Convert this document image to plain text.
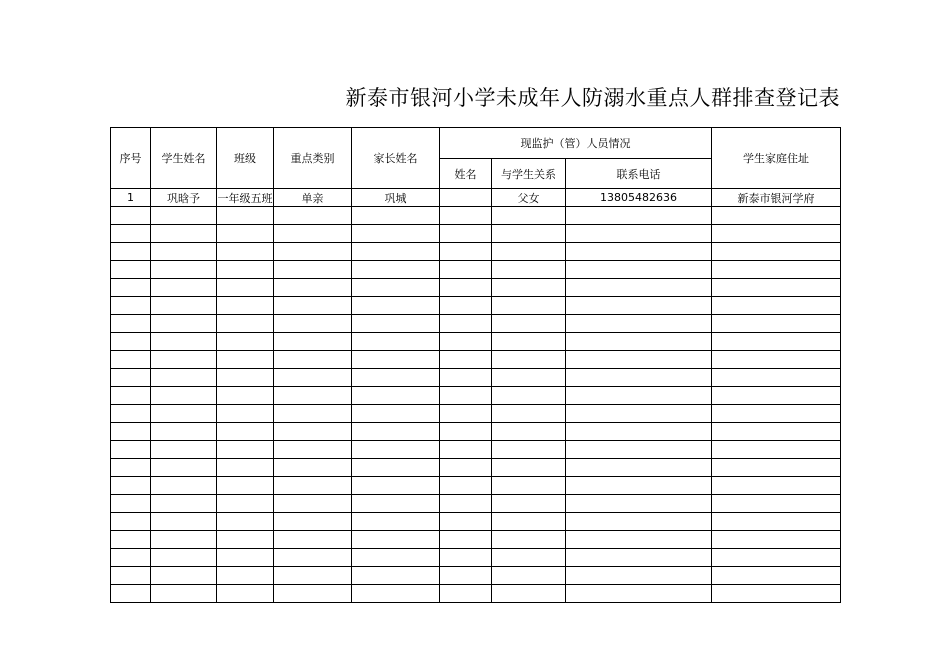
新泰市银河小学未成年人防溺水重点人群排查登记表
序号	学生姓名	班级	重点类别	家长姓名	现监护（管）人员情况			学生家庭住址
					姓名	与学生关系	联系电话	
1	巩晗予	一年级五班	单亲	巩城		父女	13805482636	新泰市银河学府
